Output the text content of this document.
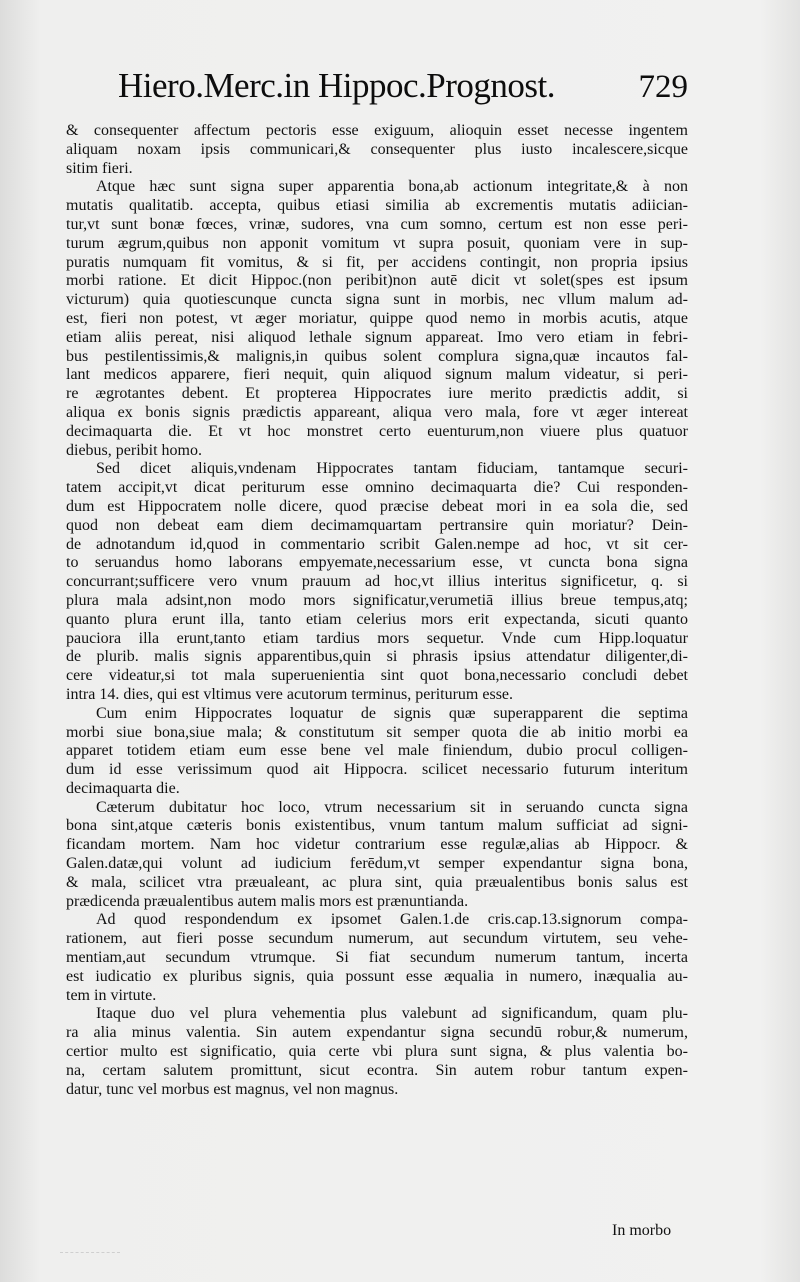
Hiero.Merc.in Hippoc.Prognost.	729
& consequenter affectum pectoris esse exiguum, alioquin esset necesse ingentem
aliquam noxam ipsis communicari,& consequenter plus iusto incalescere,sicque
sitim fieri.
Atque hæc sunt signa super apparentia bona,ab actionum integritate,& à non
mutatis qualitatib. accepta, quibus etiasi similia ab excrementis mutatis adiician-
tur,vt sunt bonæ fœces, vrinæ, sudores, vna cum somno, certum est non esse peri-
turum ægrum,quibus non apponit vomitum vt supra posuit, quoniam vere in sup-
puratis numquam fit vomitus, & si fit, per accidens contingit, non propria ipsius
morbi ratione. Et dicit Hippoc.(non peribit)non autē dicit vt solet(spes est ipsum
victurum) quia quotiescunque cuncta signa sunt in morbis, nec vllum malum ad-
est, fieri non potest, vt æger moriatur, quippe quod nemo in morbis acutis, atque
etiam aliis pereat, nisi aliquod lethale signum appareat. Imo vero etiam in febri-
bus pestilentissimis,& malignis,in quibus solent complura signa,quæ incautos fal-
lant medicos apparere, fieri nequit, quin aliquod signum malum videatur, si peri-
re ægrotantes debent. Et propterea Hippocrates iure merito prædictis addit, si
aliqua ex bonis signis prædictis appareant, aliqua vero mala, fore vt æger intereat
decimaquarta die. Et vt hoc monstret certo euenturum,non viuere plus quatuor
diebus, peribit homo.
Sed dicet aliquis,vndenam Hippocrates tantam fiduciam, tantamque securi-
tatem accipit,vt dicat periturum esse omnino decimaquarta die? Cui responden-
dum est Hippocratem nolle dicere, quod præcise debeat mori in ea sola die, sed
quod non debeat eam diem decimamquartam pertransire quin moriatur? Dein-
de adnotandum id,quod in commentario scribit Galen.nempe ad hoc, vt sit cer-
to seruandus homo laborans empyemate,necessarium esse, vt cuncta bona signa
concurrant;sufficere vero vnum prauum ad hoc,vt illius interitus significetur, q. si
plura mala adsint,non modo mors significatur,verumetiā illius breue tempus,atq;
quanto plura erunt illa, tanto etiam celerius mors erit expectanda, sicuti quanto
pauciora illa erunt,tanto etiam tardius mors sequetur. Vnde cum Hipp.loquatur
de plurib. malis signis apparentibus,quin si phrasis ipsius attendatur diligenter,di-
cere videatur,si tot mala superuenientia sint quot bona,necessario concludi debet
intra 14. dies, qui est vltimus vere acutorum terminus, periturum esse.
Cum enim Hippocrates loquatur de signis quæ superapparent die septima
morbi siue bona,siue mala; & constitutum sit semper quota die ab initio morbi ea
apparet totidem etiam eum esse bene vel male finiendum, dubio procul colligen-
dum id esse verissimum quod ait Hippocra. scilicet necessario futurum interitum
decimaquarta die.
Cæterum dubitatur hoc loco, vtrum necessarium sit in seruando cuncta signa
bona sint,atque cæteris bonis existentibus, vnum tantum malum sufficiat ad signi-
ficandam mortem. Nam hoc videtur contrarium esse regulæ,alias ab Hippocr. &
Galen.datæ,qui volunt ad iudicium ferēdum,vt semper expendantur signa bona,
& mala, scilicet vtra præualeant, ac plura sint, quia præualentibus bonis salus est
prædicenda præualentibus autem malis mors est prænuntianda.
Ad quod respondendum ex ipsomet Galen.1.de cris.cap.13.signorum compa-
rationem, aut fieri posse secundum numerum, aut secundum virtutem, seu vehe-
mentiam,aut secundum vtrumque. Si fiat secundum numerum tantum, incerta
est iudicatio ex pluribus signis, quia possunt esse æqualia in numero, inæqualia au-
tem in virtute.
Itaque duo vel plura vehementia plus valebunt ad significandum, quam plu-
ra alia minus valentia. Sin autem expendantur signa secundū robur,& numerum,
certior multo est significatio, quia certe vbi plura sunt signa, & plus valentia bo-
na, certam salutem promittunt, sicut econtra. Sin autem robur tantum expen-
datur, tunc vel morbus est magnus, vel non magnus.
In morbo
